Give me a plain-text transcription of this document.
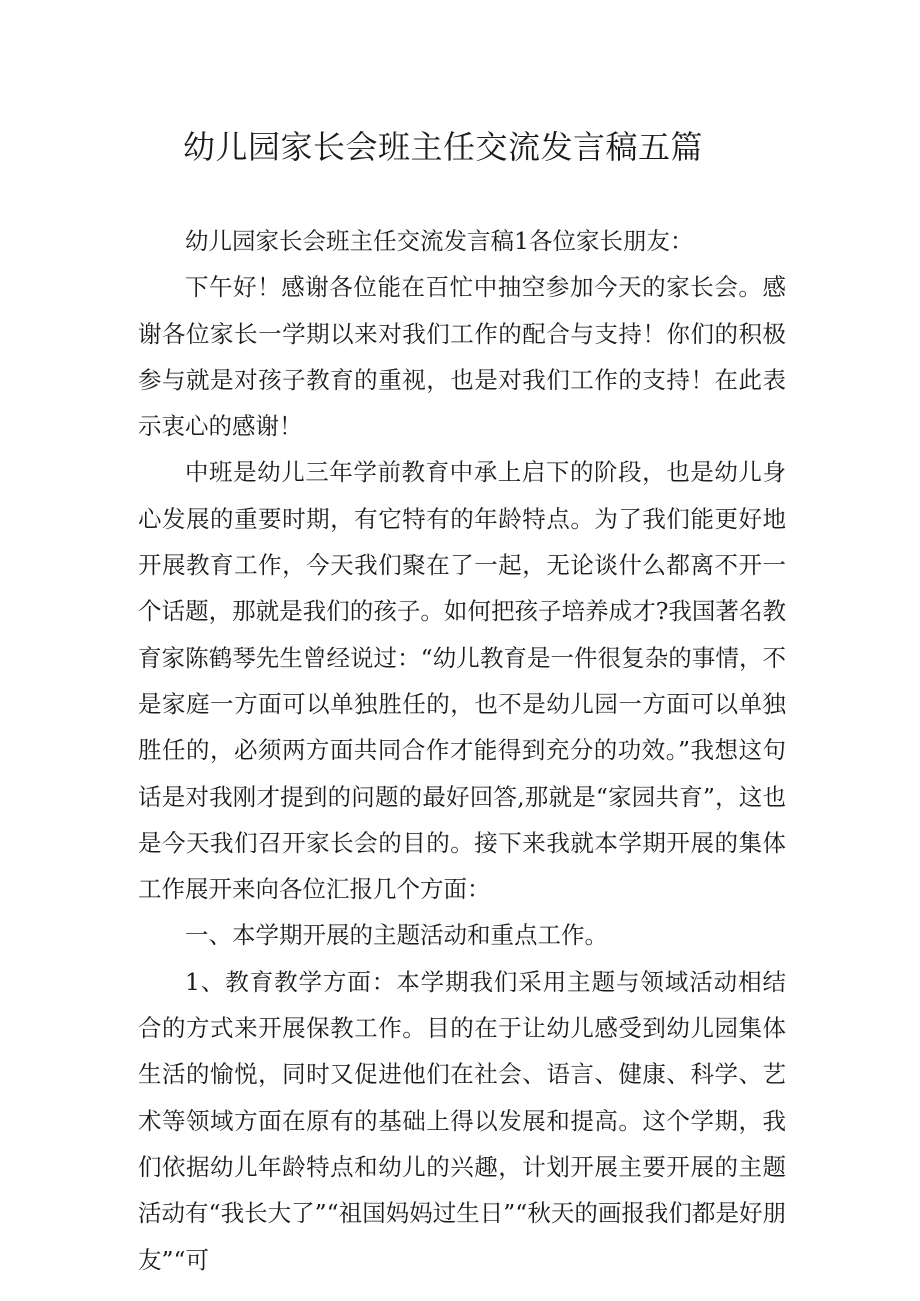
幼儿园家长会班主任交流发言稿五篇

幼儿园家长会班主任交流发言稿1各位家长朋友：

下午好！感谢各位能在百忙中抽空参加今天的家长会。感谢各位家长一学期以来对我们工作的配合与支持！你们的积极参与就是对孩子教育的重视，也是对我们工作的支持！在此表示衷心的感谢！

中班是幼儿三年学前教育中承上启下的阶段，也是幼儿身心发展的重要时期，有它特有的年龄特点。为了我们能更好地开展教育工作，今天我们聚在了一起，无论谈什么都离不开一个话题，那就是我们的孩子。如何把孩子培养成才?我国著名教育家陈鹤琴先生曾经说过：“幼儿教育是一件很复杂的事情，不是家庭一方面可以单独胜任的，也不是幼儿园一方面可以单独胜任的，必须两方面共同合作才能得到充分的功效。”我想这句话是对我刚才提到的问题的最好回答,那就是“家园共育”，这也是今天我们召开家长会的目的。接下来我就本学期开展的集体工作展开来向各位汇报几个方面：

一、本学期开展的主题活动和重点工作。

1、教育教学方面：本学期我们采用主题与领域活动相结合的方式来开展保教工作。目的在于让幼儿感受到幼儿园集体生活的愉悦，同时又促进他们在社会、语言、健康、科学、艺术等领域方面在原有的基础上得以发展和提高。这个学期，我们依据幼儿年龄特点和幼儿的兴趣，计划开展主要开展的主题活动有“我长大了”“祖国妈妈过生日”“秋天的画报我们都是好朋友”“可
